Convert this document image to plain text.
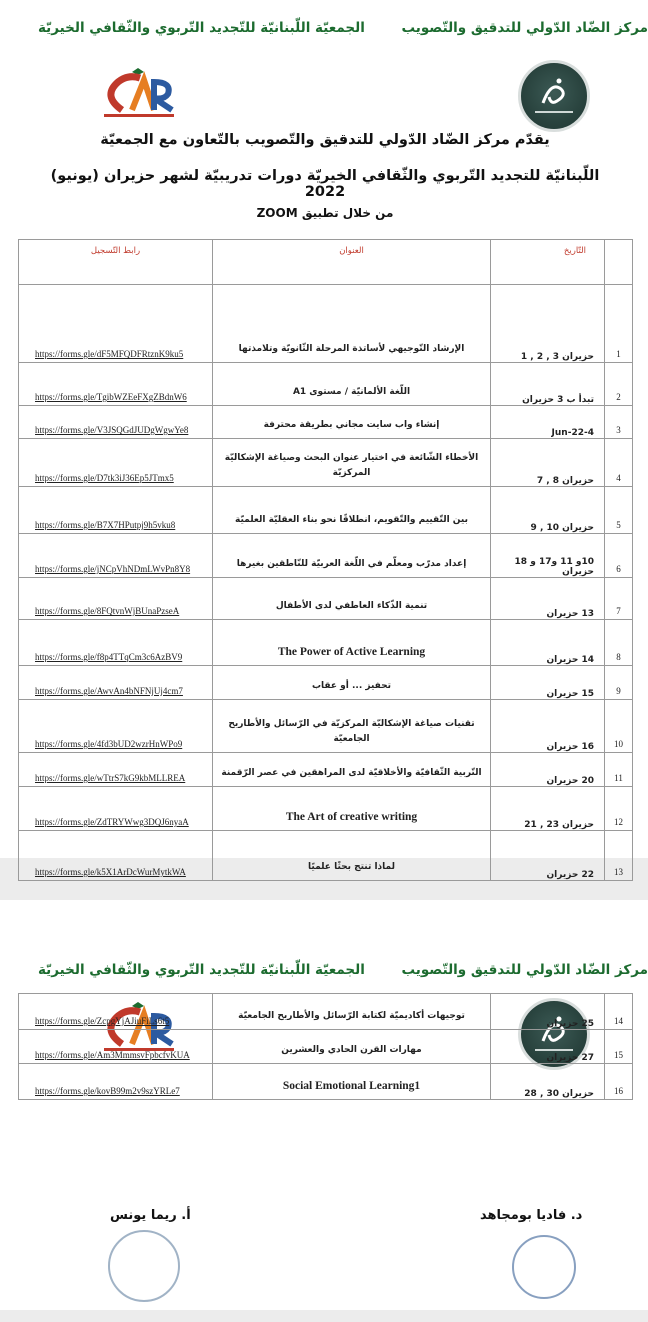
مركز الضّاد الدّولي للتدقيق والتّصويب
الجمعيّة اللّبنانيّة للتّجديد التّربوي والثّقافي الخيريّة
يقدّم مركز الضّاد الدّولي للتدقيق والتّصويب بالتّعاون مع الجمعيّة
اللّبنانيّة للتجديد التّربوي والثّقافي الخيريّة دورات تدريبيّة لشهر حزيران (يونيو) 2022
من خلال تطبيق ZOOM
رابط التّسجيل	العنوان	التّاريخ	
https://forms.gle/dF5MFQDFRtznK9ku5	الإرشاد التّوجيهي لأساتذة المرحلة الثّانويّة وتلامذتها	حزيران 3 , 2 , 1	1
https://forms.gle/TgibWZEeFXgZBdnW6	اللّغة الألمانيّة / مستوى A1	تبدأ ب 3 حزيران	2
https://forms.gle/V3JSQGdJUDgWgwYe8	إنشاء واب سايت مجاني بطريقة محترفة	4-Jun-22	3
https://forms.gle/D7tk3iJ36Ep5JTmx5	الأخطاء الشّائعة في اختيار عنوان البحث وصياغة الإشكاليّة المركزيّة	حزيران 8 , 7	4
https://forms.gle/B7X7HPutpj9h5vku8	بين التّقييم والتّقويم، انطلاقًا نحو بناء العقليّة العلميّة	حزيران 10 , 9	5
https://forms.gle/jNCpVhNDmLWvPn8Y8	إعداد مدرّب ومعلّم في اللّغة العربيّة للنّاطقين بغيرها	10و 11 و17 و 18 حزيران	6
https://forms.gle/8FQtvnWjBUnaPzseA	تنمية الذّكاء العاطفي لدى الأطفال	13 حزيران	7
https://forms.gle/f8p4TTqCm3c6AzBV9	The Power of Active Learning	14 حزيران	8
https://forms.gle/AwvAn4bNFNjUj4cm7	تحفيز ... أو عقاب	15 حزيران	9
https://forms.gle/4fd3bUD2wzrHnWPo9	تقنيات صياغة الإشكاليّة المركزيّة في الرّسائل والأطاريح الجامعيّة	16 حزيران	10
https://forms.gle/wTtrS7kG9kbMLLREA	التّربية الثّقافيّة والأخلاقيّة لدى المراهقين في عصر الرّقمنة	20 حزيران	11
https://forms.gle/ZdTRYWwg3DQJ6nyaA	The Art of creative writing	حزيران 23 , 21	12
https://forms.gle/k5X1ArDcWurMytkWA	لماذا تنتج بحثًا علميًا	22 حزيران	13
مركز الضّاد الدّولي للتدقيق والتّصويب
الجمعيّة اللّبنانيّة للتّجديد التّربوي والثّقافي الخيريّة
https://forms.gle/ZcpgYjAJiuFiLs6t5	توجيهات أكاديميّة لكتابة الرّسائل والأطاريح الجامعيّة	25 حزيران	14
https://forms.gle/Am3MmmsvFpbcfvKUA	مهارات القرن الحادي والعشرين	27 حزيران	15
https://forms.gle/kovB99m2v9szYRLe7	Social Emotional Learning1	حزيران 30 , 28	16
أ. ريما يونس	د. فاديا بومجاهد
